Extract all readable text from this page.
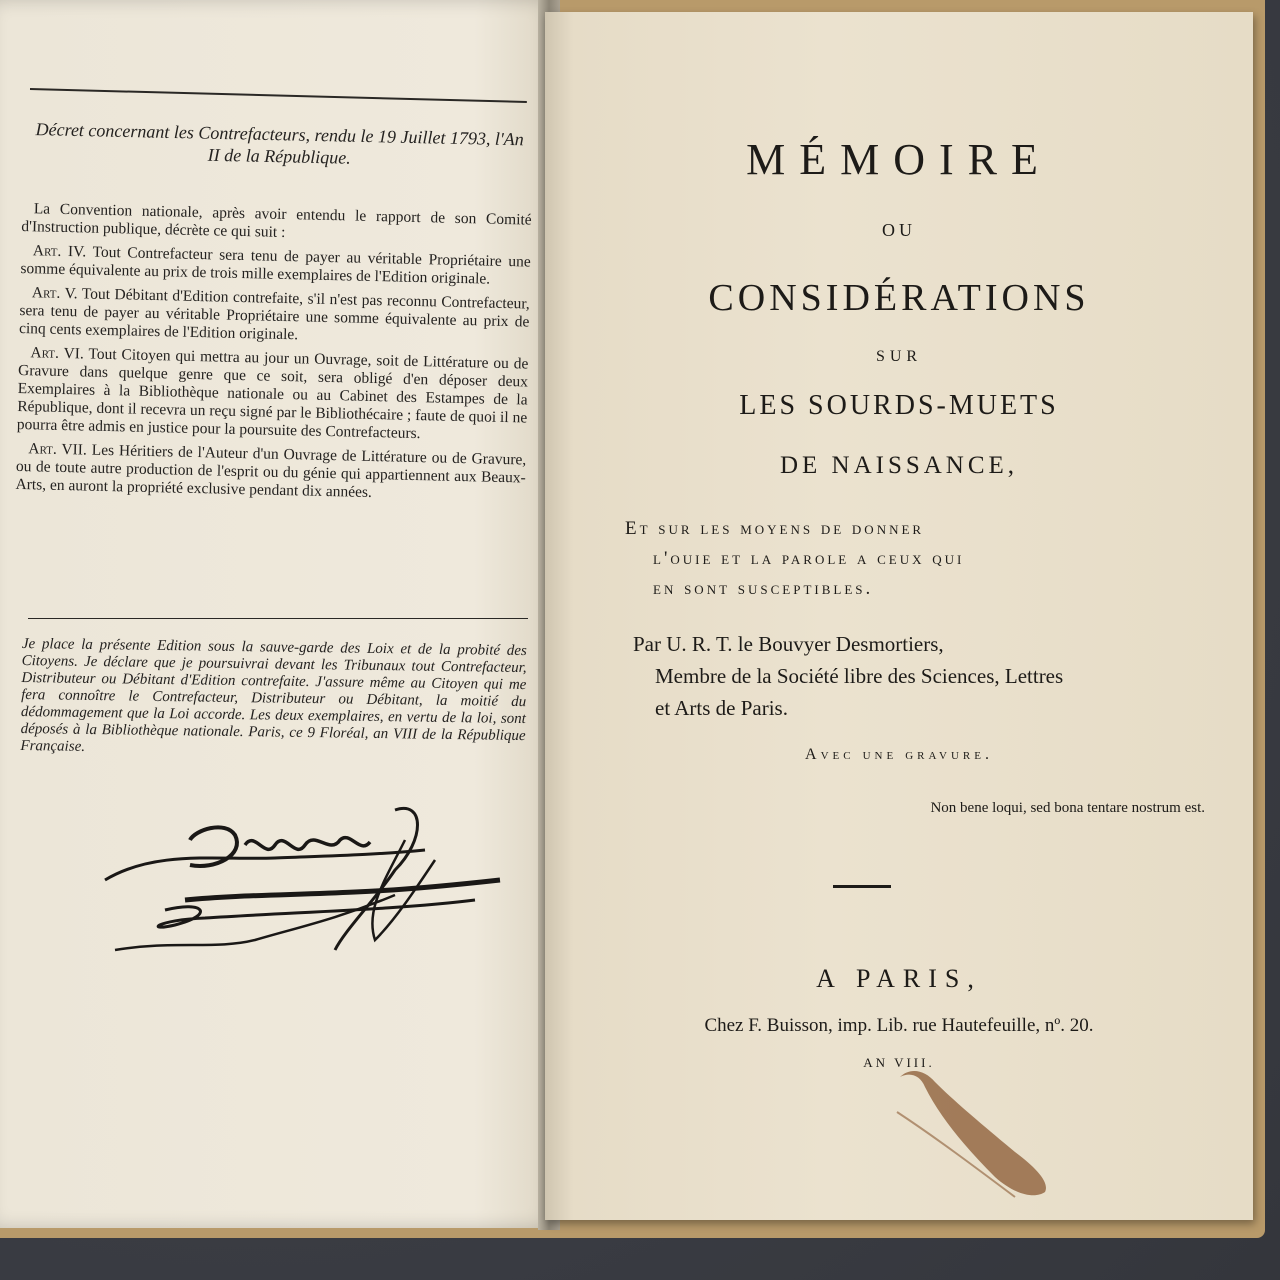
Décret concernant les Contrefacteurs, rendu le 19 Juillet 1793, l'An II de la République.

La Convention nationale, après avoir entendu le rapport de son Comité d'Instruction publique, décrète ce qui suit :

Art. IV. Tout Contrefacteur sera tenu de payer au véritable Propriétaire une somme équivalente au prix de trois mille exemplaires de l'Edition originale.

Art. V. Tout Débitant d'Edition contrefaite, s'il n'est pas reconnu Contrefacteur, sera tenu de payer au véritable Propriétaire une somme équivalente au prix de cinq cents exemplaires de l'Edition originale.

Art. VI. Tout Citoyen qui mettra au jour un Ouvrage, soit de Littérature ou de Gravure dans quelque genre que ce soit, sera obligé d'en déposer deux Exemplaires à la Bibliothèque nationale ou au Cabinet des Estampes de la République, dont il recevra un reçu signé par le Bibliothécaire ; faute de quoi il ne pourra être admis en justice pour la poursuite des Contrefacteurs.

Art. VII. Les Héritiers de l'Auteur d'un Ouvrage de Littérature ou de Gravure, ou de toute autre production de l'esprit ou du génie qui appartiennent aux Beaux-Arts, en auront la propriété exclusive pendant dix années.

Je place la présente Edition sous la sauve-garde des Loix et de la probité des Citoyens. Je déclare que je poursuivrai devant les Tribunaux tout Contrefacteur, Distributeur ou Débitant d'Edition contrefaite. J'assure même au Citoyen qui me fera connoître le Contrefacteur, Distributeur ou Débitant, la moitié du dédommagement que la Loi accorde. Les deux exemplaires, en vertu de la loi, sont déposés à la Bibliothèque nationale. Paris, ce 9 Floréal, an VIII de la République Française.
MÉMOIRE
OU
CONSIDÉRATIONS
SUR
LES SOURDS-MUETS
DE NAISSANCE,
Et sur les moyens de donner
l'ouie et la parole a ceux qui
en sont susceptibles.
Par U. R. T. le Bouvyer Desmortiers,
Membre de la Société libre des Sciences, Lettres
et Arts de Paris.
Avec une gravure.
Non bene loqui, sed bona tentare nostrum est.
A PARIS,
Chez F. Buisson, imp. Lib. rue Hautefeuille, nº. 20.
AN VIII.
